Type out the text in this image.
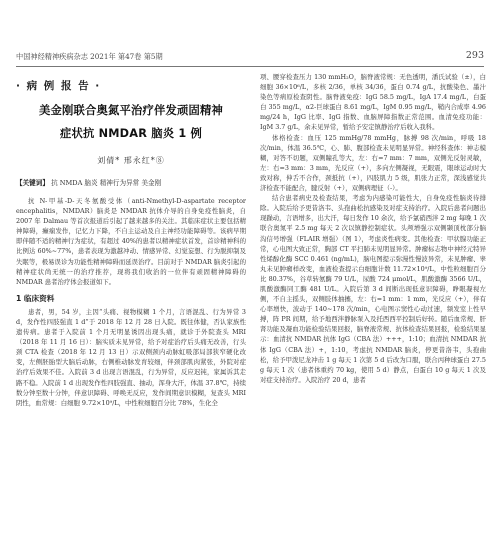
中国神经精神疾病杂志 2021年 第47卷 第5期	293
· 病 例 报 告 ·
美金刚联合奥氮平治疗伴发顽固精神
症状抗 NMDAR 脑炎 1 例
刘倩* 邢永红*⑧
【关键词】 抗 NMDA 脑炎 精神行为异常 美金刚
抗 N-甲基-D-天冬氨酸受体（anti-Nmethyl-D-aspartate receptor encephalitis，NMDAR）脑炎是 NMDAR 抗体介导的自身免疫性脑炎，自 2007 年 Dalmau 等首次报道后引起了越来越多的关注。其临床症状主要包括精神障碍，癫痫发作，记忆力下降，不自主运动及自主神经功能障碍等。该病早期即伴随不适的精神行为症状，有超过 40%的患者以精神症状首发，首诊精神科的比例达 60%~77%，患者表现为激越冲动、情感异常、幻觉妄想、行为脱抑制及失眠等，极易误诊为功能性精神障碍而延误治疗。目前对于 NMDAR 脑炎引起的精神症状尚无统一的治疗推荐，现将我们收治的一位伴有顽固精神障碍的 NMDAR 患者治疗体会报道如下。
1 临床资料
患者，男，54 岁，主因“头痛、视物模糊 1 个月，言语混乱、行为异常 3 d，发作性四肢强直 1 d”于 2018 年 12 月 28 日入院。既往体健，否认家族性遗传病。患者于入院前 1 个月无明显诱因出现头痛，就诊于外院查头 MRI（2018 年 11 月 16 日）：脑实质未见异常，给予对症治疗后头痛无改善，行头颈 CTA 检查（2018 年 12 月 13 日）示双侧颈内动脉虹吸部局部狭窄硬化改变，左侧胚胎型大脑后动脉，右侧椎动脉发育较细，伴颈部肌肉紧张，外院对症治疗后效果不佳。入院前 3 d 出现言语混乱，行为异常，反应迟钝，家属诉其走路不稳。入院前 1 d 出现发作性四肢强直、抽动，浑身大汗，体温 37.8℃，持续数分钟至数十分钟，伴意识障碍、呼唤无反应，发作间期意识模糊，复查头 MRI 阴性，血常规：白细胞 9.72×10⁹/L，中性粒细胞百分比 78%，生化全
项、腰穿检查压力 130 mmH₂O，脑脊液常规：无色透明，潘氏试验（±），白细胞 36×10⁶/L，多核 2/36，单核 34/36，蛋白 0.74 g/L，抗酸染色、墨汁染色等病原检查阴性。脑脊液免疫：IgG 58.5 mg/L，IgA 17.4 mg/L，白蛋白 355 mg/L，α2-巨球蛋白 8.61 mg/L，IgM 0.95 mg/L，鞘内合成率 4.96 mg/24 h，IgG 比率、IgG 指数、血脑屏障指数正常范围。血清免疫功能：IgM 3.7 g/L，余未见异常，暂给予安定镇静治疗后收入我科。
体格检查：血压 125 mmHg/78 mmHg，脉搏 98 次/min，呼吸 18 次/min，体温 36.5℃，心、肺、腹部检查未见明显异常。神经科查体：神志模糊，对答不切题，双侧瞳孔等大，左：右=7 mm：7 mm，双侧光反射灵敏，左：右=3 mm：3 mm，光反应（+），多向左侧凝视，无眼震，眼球运动时大致对称，伸舌不合作，颈抵抗（+），四肢肌力 5 级，肌张力正常，深浅感觉共济检查不能配合，腱反射（+），双侧病理征（-）。
结合患者病史及检查结果，考虑为内感染可能性大，自身免疫性脑炎待排除。入院后给予更昔洛韦、头孢曲松抗感染及对症支持治疗。入院后患者问题出现躁动，言语增多，出大汗，每日发作 10 余次，给予氯硝西泮 2 mg 每晚 1 次联合奥氮平 2.5 mg 每天 2 次以镇静控制症状。头颅增强示双侧颞顶枕部分脑沟信号增强（FLAIR 增强）（图 1），考虑炎性病变。其他检查：甲状腺功能正常，心电图大致正常，胸部 CT 平扫肺未见明显异常。肿瘤标志物中神经元特异性烯醇化酶 SCC 0.461 (ng/mL)，脑电图提示弥漫性慢波异常，未见肿瘤、睾丸未见肿瘤样改变，血液检查提示白细胞计数 11.72×10⁹/L，中性粒细胞百分比 80.37%，谷草转氨酶 79 U/L，尿酸 724 μmol/L，肌酸激酶 3566 U/L，肌酸激酶同工酶 481 U/L。入院后第 3 d 间断出现低意识障碍，睁眼凝视左侧，不自主摇头，双侧肢体抽搐，左：右=1 mm：1 mm，光反应（+），伴有心率增快，波动于 140~178 次/min，心电图示窦性心动过速，频发室上性早搏，阵 PR 间期，给予地西泮静脉泵入及托西西平控制后好转。随后血常规、肝肾功能及凝血功能检验结果回报，脑脊液常规、抗体检查结果回报，检验结果显示：血清抗 NMDAR 抗体 IgG（CBA 法）+++，1:10；血清抗 NMDAR 抗体 IgG（CBA 法）+，1:10，考虑抗 NMDAR 脑炎，停更昔洛韦，头孢曲松，给予甲泼尼龙冲击 1 g 每天 1 次第 5 d 后改为口服，联合丙种球蛋白 27.5 g 每天 1 次（患者体重约 70 kg，使用 5 d）静点，白蛋白 10 g 每天 1 次及对症支持治疗。入院治疗 20 d，患者
